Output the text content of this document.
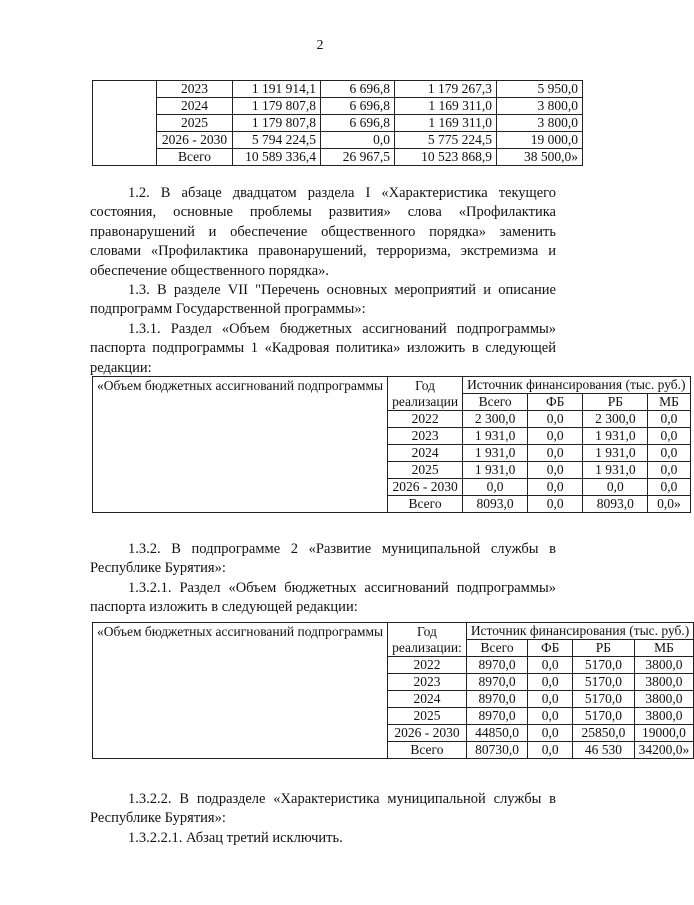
2
	2023	1 191 914,1	6 696,8	1 179 267,3	5 950,0
	2024	1 179 807,8	6 696,8	1 169 311,0	3 800,0
	2025	1 179 807,8	6 696,8	1 169 311,0	3 800,0
	2026 - 2030	5 794 224,5	0,0	5 775 224,5	19 000,0
	Всего	10 589 336,4	26 967,5	10 523 868,9	38 500,0»

1.2. В абзаце двадцатом раздела I «Характеристика текущего состояния, основные проблемы развития» слова «Профилактика правонарушений и обеспечение общественного порядка» заменить словами «Профилактика правонарушений, терроризма, экстремизма и обеспечение общественного порядка».

1.3. В разделе VII "Перечень основных мероприятий и описание подпрограмм Государственной программы»:

1.3.1. Раздел «Объем бюджетных ассигнований подпрограммы» паспорта подпрограммы 1 «Кадровая политика» изложить в следующей редакции:

«Объем бюджетных ассигнований подпрограммы	Год реализации	Источник финансирования (тыс. руб.)			
		Всего	ФБ	РБ	МБ
	2022	2 300,0	0,0	2 300,0	0,0
	2023	1 931,0	0,0	1 931,0	0,0
	2024	1 931,0	0,0	1 931,0	0,0
	2025	1 931,0	0,0	1 931,0	0,0
	2026 - 2030	0,0	0,0	0,0	0,0
	Всего	8093,0	0,0	8093,0	0,0»

1.3.2. В подпрограмме 2 «Развитие муниципальной службы в Республике Бурятия»:

1.3.2.1. Раздел «Объем бюджетных ассигнований подпрограммы» паспорта изложить в следующей редакции:

«Объем бюджетных ассигнований подпрограммы	Год реализации:	Источник финансирования (тыс. руб.)			
		Всего	ФБ	РБ	МБ
	2022	8970,0	0,0	5170,0	3800,0
	2023	8970,0	0,0	5170,0	3800,0
	2024	8970,0	0,0	5170,0	3800,0
	2025	8970,0	0,0	5170,0	3800,0
	2026 - 2030	44850,0	0,0	25850,0	19000,0
	Всего	80730,0	0,0	46 530	34200,0»

1.3.2.2. В подразделе «Характеристика муниципальной службы в Республике Бурятия»:

1.3.2.2.1. Абзац третий исключить.
